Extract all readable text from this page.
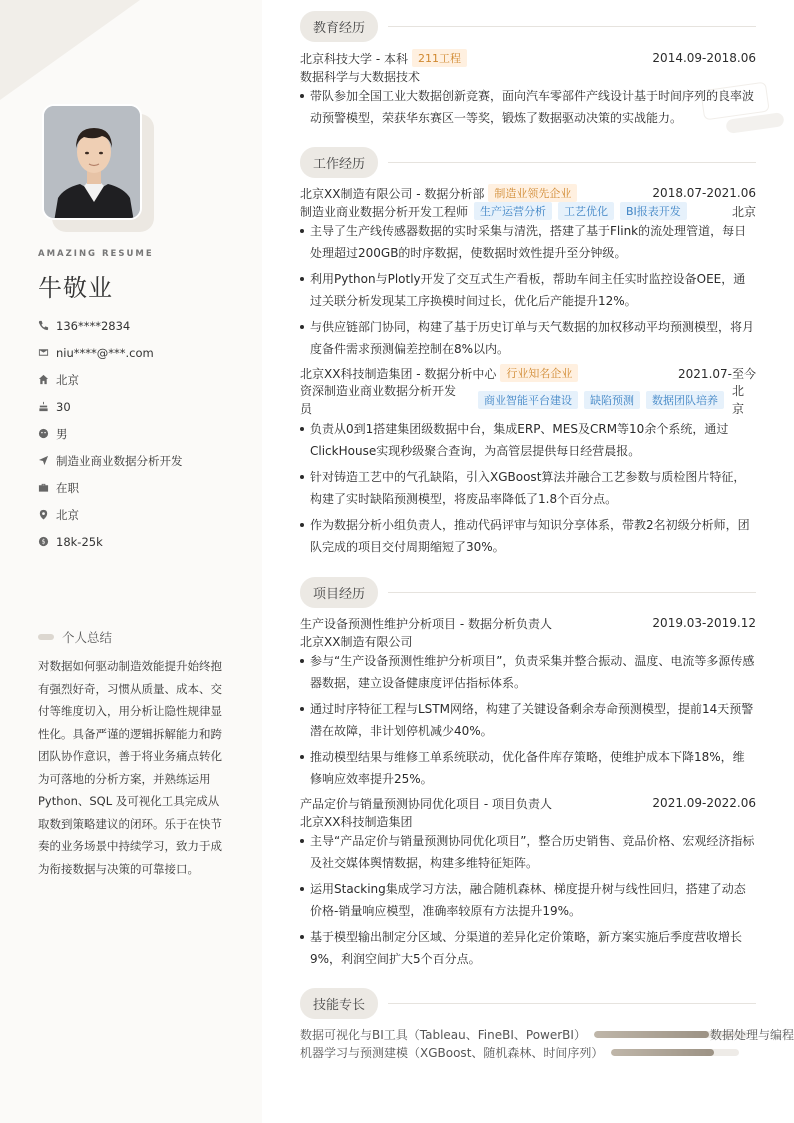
AMAZING RESUME
牛敬业
136****2834
niu****@***.com
北京
30
男
制造业商业数据分析开发
在职
北京
$ 18k-25k
个人总结
对数据如何驱动制造效能提升始终抱有强烈好奇，习惯从质量、成本、交付等维度切入，用分析让隐性规律显性化。具备严谨的逻辑拆解能力和跨团队协作意识，善于将业务痛点转化为可落地的分析方案，并熟练运用 Python、SQL 及可视化工具完成从取数到策略建议的闭环。乐于在快节奏的业务场景中持续学习，致力于成为衔接数据与决策的可靠接口。
教育经历
北京科技大学 - 本科 211工程	2014.09-2018.06
数据科学与大数据技术
带队参加全国工业大数据创新竞赛，面向汽车零部件产线设计基于时间序列的良率波动预警模型，荣获华东赛区一等奖，锻炼了数据驱动决策的实战能力。
工作经历
北京XX制造有限公司 - 数据分析部 制造业领先企业	2018.07-2021.06
制造业商业数据分析开发工程师	生产运营分析	工艺优化	BI报表开发	北京
主导了生产线传感器数据的实时采集与清洗，搭建了基于Flink的流处理管道，每日处理超过200GB的时序数据，使数据时效性提升至分钟级。
利用Python与Plotly开发了交互式生产看板，帮助车间主任实时监控设备OEE，通过关联分析发现某工序换模时间过长，优化后产能提升12%。
与供应链部门协同，构建了基于历史订单与天气数据的加权移动平均预测模型，将月度备件需求预测偏差控制在8%以内。
北京XX科技制造集团 - 数据分析中心 行业知名企业	2021.07-至今
资深制造业商业数据分析开发
员
商业智能平台建设	缺陷预测	数据团队培养
北
京
负责从0到1搭建集团级数据中台，集成ERP、MES及CRM等10余个系统，通过ClickHouse实现秒级聚合查询，为高管层提供每日经营晨报。
针对铸造工艺中的气孔缺陷，引入XGBoost算法并融合工艺参数与质检图片特征，构建了实时缺陷预测模型，将废品率降低了1.8个百分点。
作为数据分析小组负责人，推动代码评审与知识分享体系，带教2名初级分析师，团队完成的项目交付周期缩短了30%。
项目经历
生产设备预测性维护分析项目 - 数据分析负责人	2019.03-2019.12
北京XX制造有限公司
参与“生产设备预测性维护分析项目”，负责采集并整合振动、温度、电流等多源传感器数据，建立设备健康度评估指标体系。
通过时序特征工程与LSTM网络，构建了关键设备剩余寿命预测模型，提前14天预警潜在故障，非计划停机减少40%。
推动模型结果与维修工单系统联动，优化备件库存策略，使维护成本下降18%，维修响应效率提升25%。
产品定价与销量预测协同优化项目 - 项目负责人	2021.09-2022.06
北京XX科技制造集团
主导“产品定价与销量预测协同优化项目”，整合历史销售、竞品价格、宏观经济指标及社交媒体舆情数据，构建多维特征矩阵。
运用Stacking集成学习方法，融合随机森林、梯度提升树与线性回归，搭建了动态价格-销量响应模型，准确率较原有方法提升19%。
基于模型输出制定分区域、分渠道的差异化定价策略，新方案实施后季度营收增长9%，利润空间扩大5个百分点。
技能专长
数据可视化与BI工具（Tableau、FineBI、PowerBI）	数据处理与编程
机器学习与预测建模（XGBoost、随机森林、时间序列）
